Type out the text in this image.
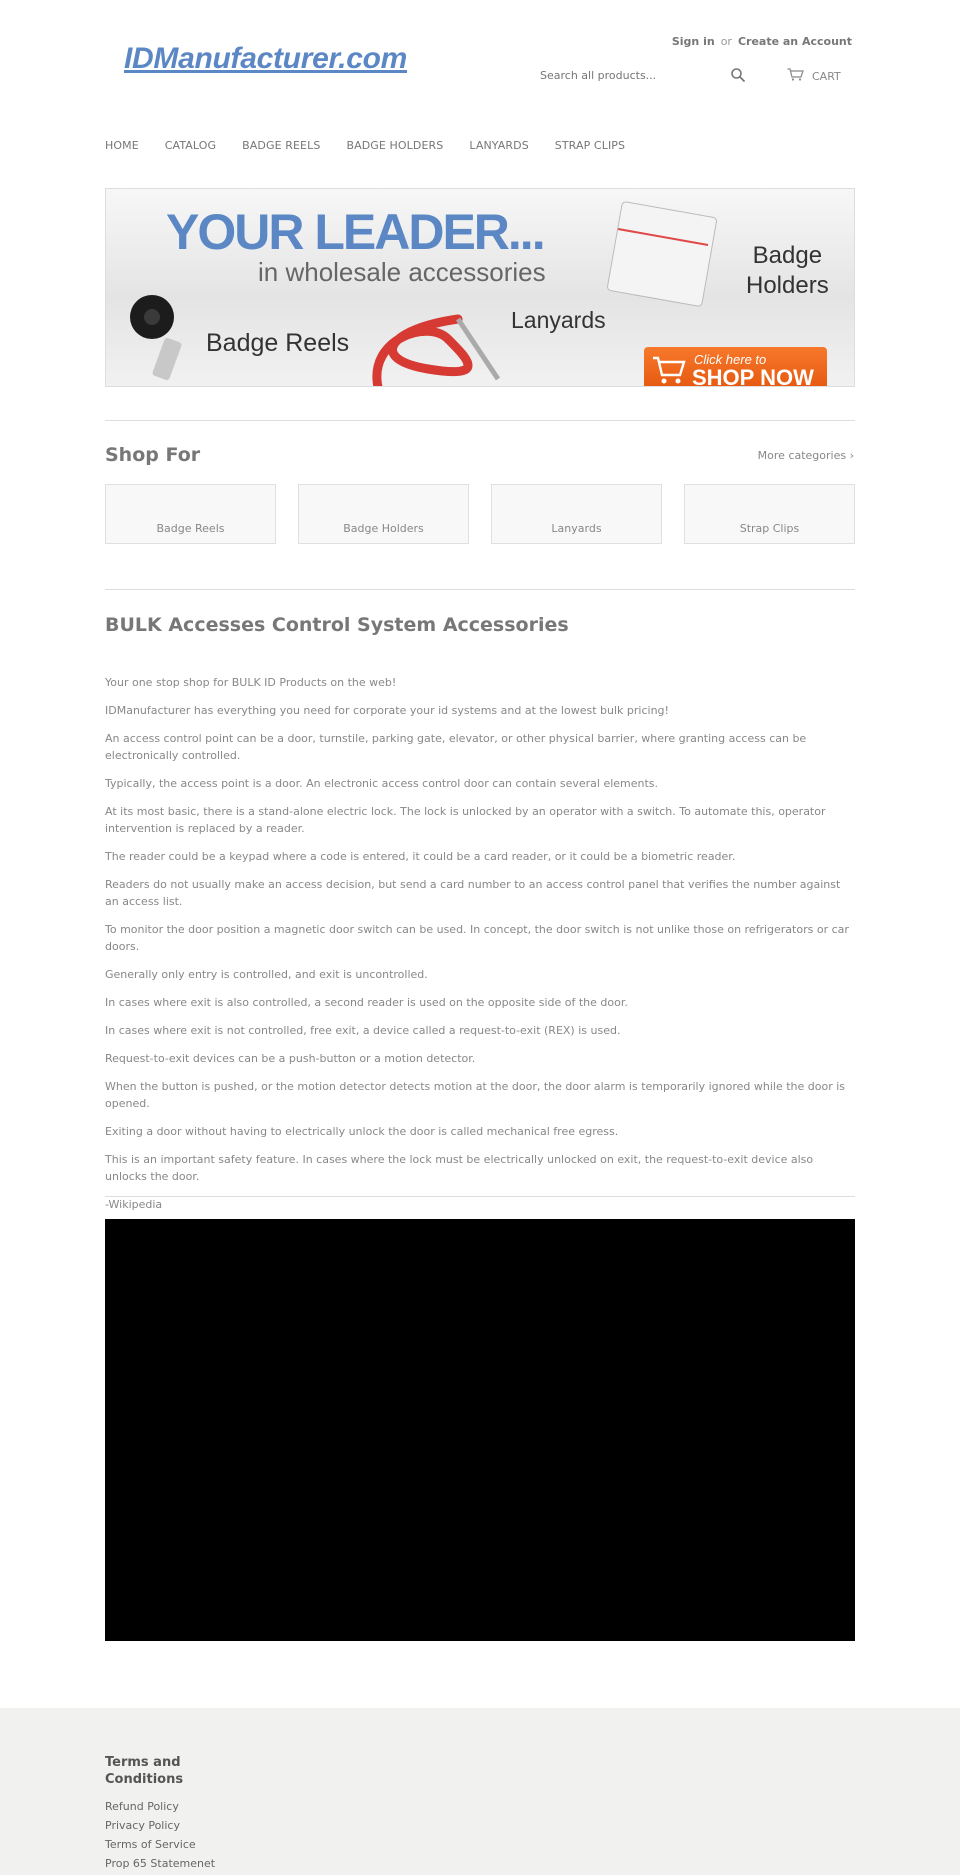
IDManufacturer.com
Sign in or Create an Account
Search all products...
CART
HOME CATALOG BADGE REELS BADGE HOLDERS LANYARDS STRAP CLIPS
YOUR LEADER...
in wholesale accessories
Badge Reels
Lanyards
Badge
Holders
Click here to
SHOP NOW
Shop For	More categories ›
Badge Reels	Badge Holders	Lanyards	Strap Clips
BULK Accesses Control System Accessories

Your one stop shop for BULK ID Products on the web!

IDManufacturer has everything you need for corporate your id systems and at the lowest bulk pricing!

An access control point can be a door, turnstile, parking gate, elevator, or other physical barrier, where granting access can be electronically controlled.

Typically, the access point is a door. An electronic access control door can contain several elements.

At its most basic, there is a stand-alone electric lock. The lock is unlocked by an operator with a switch. To automate this, operator intervention is replaced by a reader.

The reader could be a keypad where a code is entered, it could be a card reader, or it could be a biometric reader.

Readers do not usually make an access decision, but send a card number to an access control panel that verifies the number against an access list.

To monitor the door position a magnetic door switch can be used. In concept, the door switch is not unlike those on refrigerators or car doors.

Generally only entry is controlled, and exit is uncontrolled.

In cases where exit is also controlled, a second reader is used on the opposite side of the door.

In cases where exit is not controlled, free exit, a device called a request-to-exit (REX) is used.

Request-to-exit devices can be a push-button or a motion detector.

When the button is pushed, or the motion detector detects motion at the door, the door alarm is temporarily ignored while the door is opened.

Exiting a door without having to electrically unlock the door is called mechanical free egress.

This is an important safety feature. In cases where the lock must be electrically unlocked on exit, the request-to-exit device also unlocks the door.

-Wikipedia

Terms and Conditions
Refund Policy
Privacy Policy
Terms of Service
Prop 65 Statemenet
